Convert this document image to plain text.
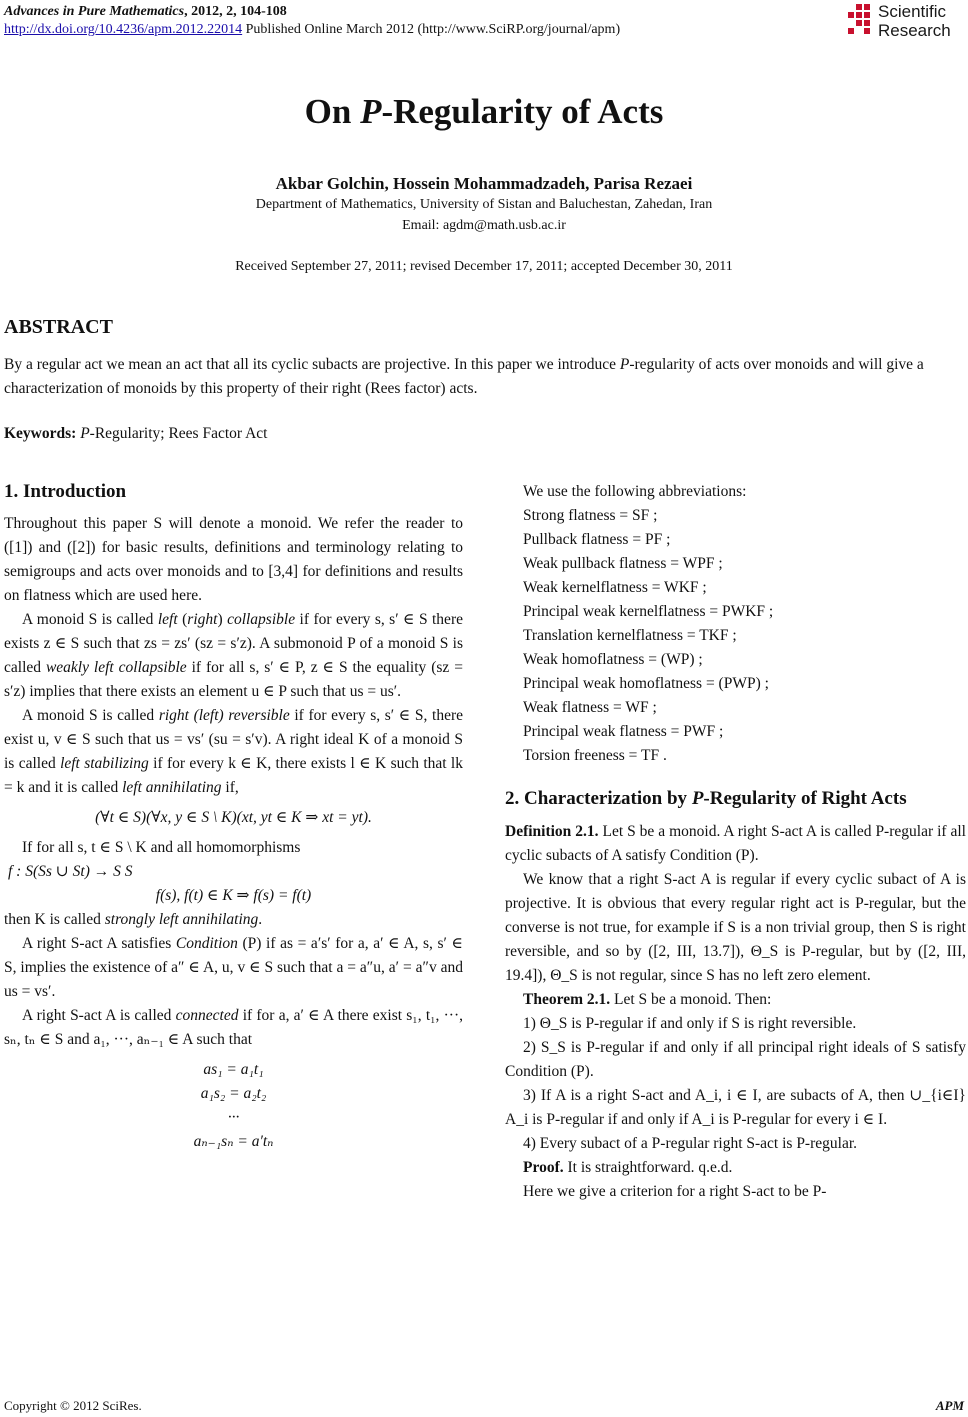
Advances in Pure Mathematics, 2012, 2, 104-108
http://dx.doi.org/10.4236/apm.2012.22014 Published Online March 2012 (http://www.SciRP.org/journal/apm)
Scientific
Research
On P-Regularity of Acts
Akbar Golchin, Hossein Mohammadzadeh, Parisa Rezaei
Department of Mathematics, University of Sistan and Baluchestan, Zahedan, Iran
Email: agdm@math.usb.ac.ir
Received September 27, 2011; revised December 17, 2011; accepted December 30, 2011
ABSTRACT
By a regular act we mean an act that all its cyclic subacts are projective. In this paper we introduce P-regularity of acts over monoids and will give a characterization of monoids by this property of their right (Rees factor) acts.
Keywords: P-Regularity; Rees Factor Act

1. Introduction

Throughout this paper S will denote a monoid. We refer the reader to ([1]) and ([2]) for basic results, definitions and terminology relating to semigroups and acts over monoids and to [3,4] for definitions and results on flatness which are used here.

A monoid S is called left (right) collapsible if for every s, s′ ∈ S there exists z ∈ S such that zs = zs′ (sz = s′z). A submonoid P of a monoid S is called weakly left collapsible if for all s, s′ ∈ P, z ∈ S the equality (sz = s′z) implies that there exists an element u ∈ P such that us = us′.

A monoid S is called right (left) reversible if for every s, s′ ∈ S, there exist u, v ∈ S such that us = vs′ (su = s′v). A right ideal K of a monoid S is called left stabilizing if for every k ∈ K, there exists l ∈ K such that lk = k and it is called left annihilating if,

(∀t ∈ S)(∀x, y ∈ S \ K)(xt, yt ∈ K ⇒ xt = yt).

If for all s, t ∈ S \ K and all homomorphisms

f : S(Ss ∪ St) → S S

f(s), f(t) ∈ K ⇒ f(s) = f(t)

then K is called strongly left annihilating.

A right S-act A satisfies Condition (P) if as = a′s′ for a, a′ ∈ A, s, s′ ∈ S, implies the existence of a″ ∈ A, u, v ∈ S such that a = a″u, a′ = a″v and us = vs′.

A right S-act A is called connected if for a, a′ ∈ A there exist s₁, t₁, ···, sₙ, tₙ ∈ S and a₁, ···, aₙ₋₁ ∈ A such that

as₁ = a₁t₁

a₁s₂ = a₂t₂

···

aₙ₋₁sₙ = a′tₙ

We use the following abbreviations:

Strong flatness = SF ;

Pullback flatness = PF ;

Weak pullback flatness = WPF ;

Weak kernelflatness = WKF ;

Principal weak kernelflatness = PWKF ;

Translation kernelflatness = TKF ;

Weak homoflatness = (WP) ;

Principal weak homoflatness = (PWP) ;

Weak flatness = WF ;

Principal weak flatness = PWF ;

Torsion freeness = TF .

2. Characterization by P-Regularity of Right Acts

Definition 2.1. Let S be a monoid. A right S-act A is called P-regular if all cyclic subacts of A satisfy Condition (P).

We know that a right S-act A is regular if every cyclic subact of A is projective. It is obvious that every regular right act is P-regular, but the converse is not true, for example if S is a non trivial group, then S is right reversible, and so by ([2, III, 13.7]), Θ_S is P-regular, but by ([2, III, 19.4]), Θ_S is not regular, since S has no left zero element.

Theorem 2.1. Let S be a monoid. Then:

1) Θ_S is P-regular if and only if S is right reversible.

2) S_S is P-regular if and only if all principal right ideals of S satisfy Condition (P).

3) If A is a right S-act and A_i, i ∈ I, are subacts of A, then ∪_{i∈I} A_i is P-regular if and only if A_i is P-regular for every i ∈ I.

4) Every subact of a P-regular right S-act is P-regular.

Proof. It is straightforward. q.e.d.

Here we give a criterion for a right S-act to be P-

Copyright © 2012 SciRes.	APM
